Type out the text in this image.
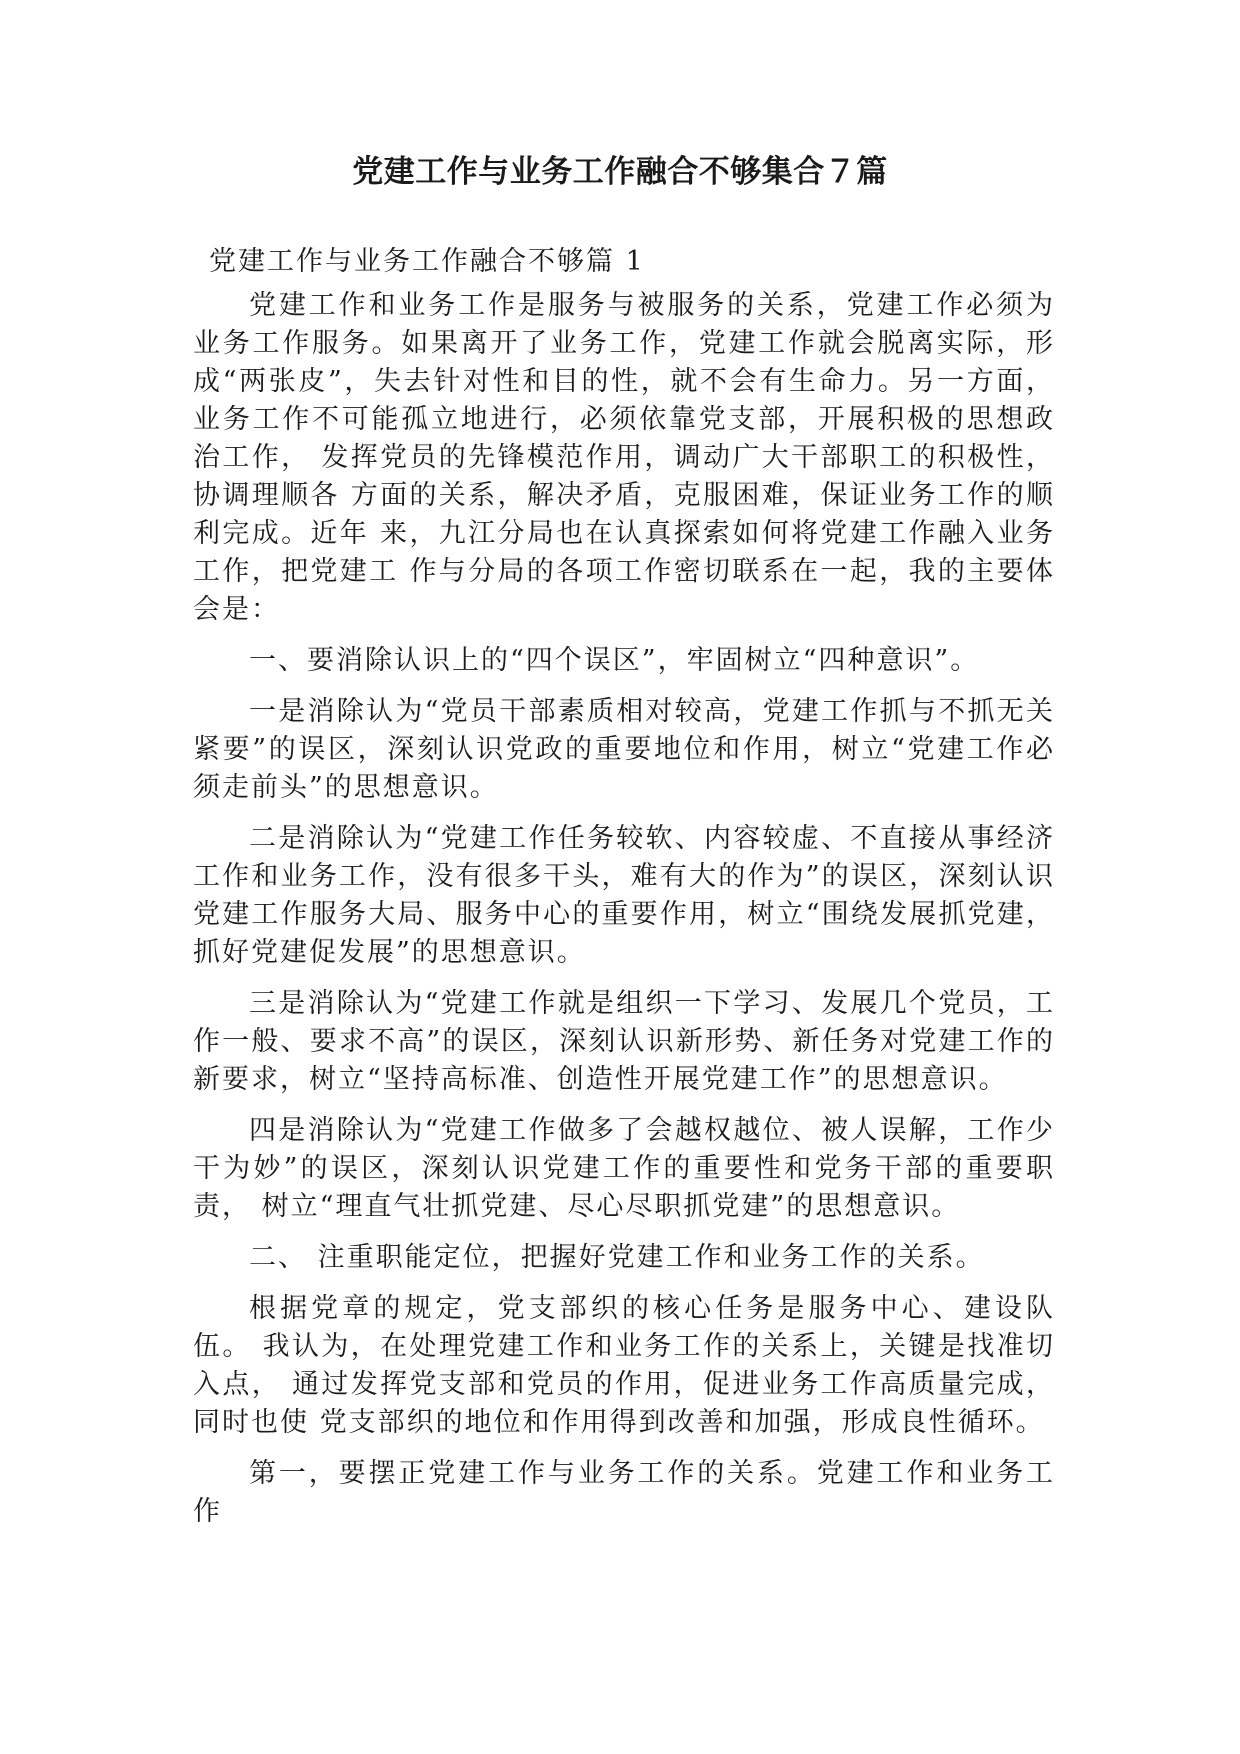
党建工作与业务工作融合不够集合７篇

党建工作与业务工作融合不够篇 1

党建工作和业务工作是服务与被服务的关系，党建工作必须为业务工作服务。如果离开了业务工作，党建工作就会脱离实际，形成“两张皮”，失去针对性和目的性，就不会有生命力。另一方面，业务工作不可能孤立地进行，必须依靠党支部，开展积极的思想政治工作， 发挥党员的先锋模范作用，调动广大干部职工的积极性，协调理顺各 方面的关系，解决矛盾，克服困难，保证业务工作的顺利完成。近年 来，九江分局也在认真探索如何将党建工作融入业务工作，把党建工 作与分局的各项工作密切联系在一起，我的主要体会是：

一、要消除认识上的“四个误区”，牢固树立“四种意识”。

一是消除认为“党员干部素质相对较高，党建工作抓与不抓无关紧要”的误区，深刻认识党政的重要地位和作用，树立“党建工作必 须走前头”的思想意识。

二是消除认为“党建工作任务较软、内容较虚、不直接从事经济工作和业务工作，没有很多干头，难有大的作为”的误区，深刻认识党建工作服务大局、服务中心的重要作用，树立“围绕发展抓党建， 抓好党建促发展”的思想意识。

三是消除认为“党建工作就是组织一下学习、发展几个党员，工作一般、要求不高”的误区，深刻认识新形势、新任务对党建工作的新要求，树立“坚持高标准、创造性开展党建工作”的思想意识。

四是消除认为“党建工作做多了会越权越位、被人误解，工作少干为妙”的误区，深刻认识党建工作的重要性和党务干部的重要职责， 树立“理直气壮抓党建、尽心尽职抓党建”的思想意识。

二、 注重职能定位，把握好党建工作和业务工作的关系。

根据党章的规定，党支部织的核心任务是服务中心、建设队伍。 我认为，在处理党建工作和业务工作的关系上，关键是找准切入点， 通过发挥党支部和党员的作用，促进业务工作高质量完成，同时也使 党支部织的地位和作用得到改善和加强，形成良性循环。

第一，要摆正党建工作与业务工作的关系。党建工作和业务工作
